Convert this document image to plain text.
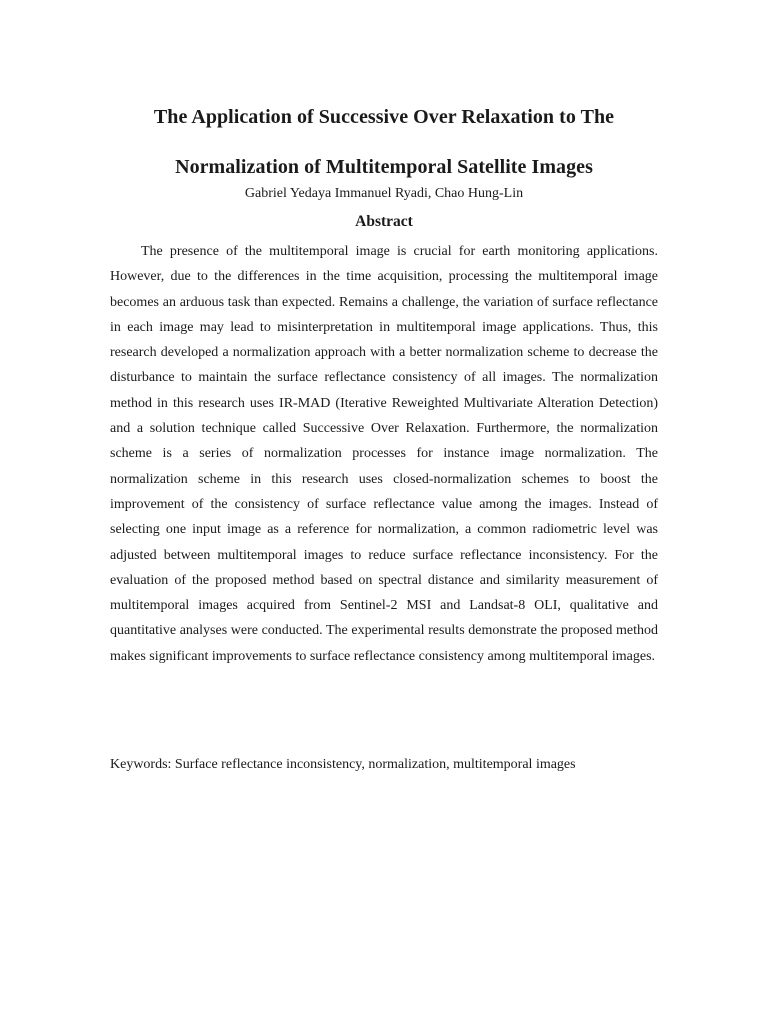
The Application of Successive Over Relaxation to The Normalization of Multitemporal Satellite Images
Gabriel Yedaya Immanuel Ryadi, Chao Hung-Lin
Abstract

The presence of the multitemporal image is crucial for earth monitoring applications. However, due to the differences in the time acquisition, processing the multitemporal image becomes an arduous task than expected. Remains a challenge, the variation of surface reflectance in each image may lead to misinterpretation in multitemporal image applications. Thus, this research developed a normalization approach with a better normalization scheme to decrease the disturbance to maintain the surface reflectance consistency of all images. The normalization method in this research uses IR-MAD (Iterative Reweighted Multivariate Alteration Detection) and a solution technique called Successive Over Relaxation. Furthermore, the normalization scheme is a series of normalization processes for instance image normalization. The normalization scheme in this research uses closed-normalization schemes to boost the improvement of the consistency of surface reflectance value among the images. Instead of selecting one input image as a reference for normalization, a common radiometric level was adjusted between multitemporal images to reduce surface reflectance inconsistency. For the evaluation of the proposed method based on spectral distance and similarity measurement of multitemporal images acquired from Sentinel-2 MSI and Landsat-8 OLI, qualitative and quantitative analyses were conducted. The experimental results demonstrate the proposed method makes significant improvements to surface reflectance consistency among multitemporal images.

Keywords: Surface reflectance inconsistency, normalization, multitemporal images
